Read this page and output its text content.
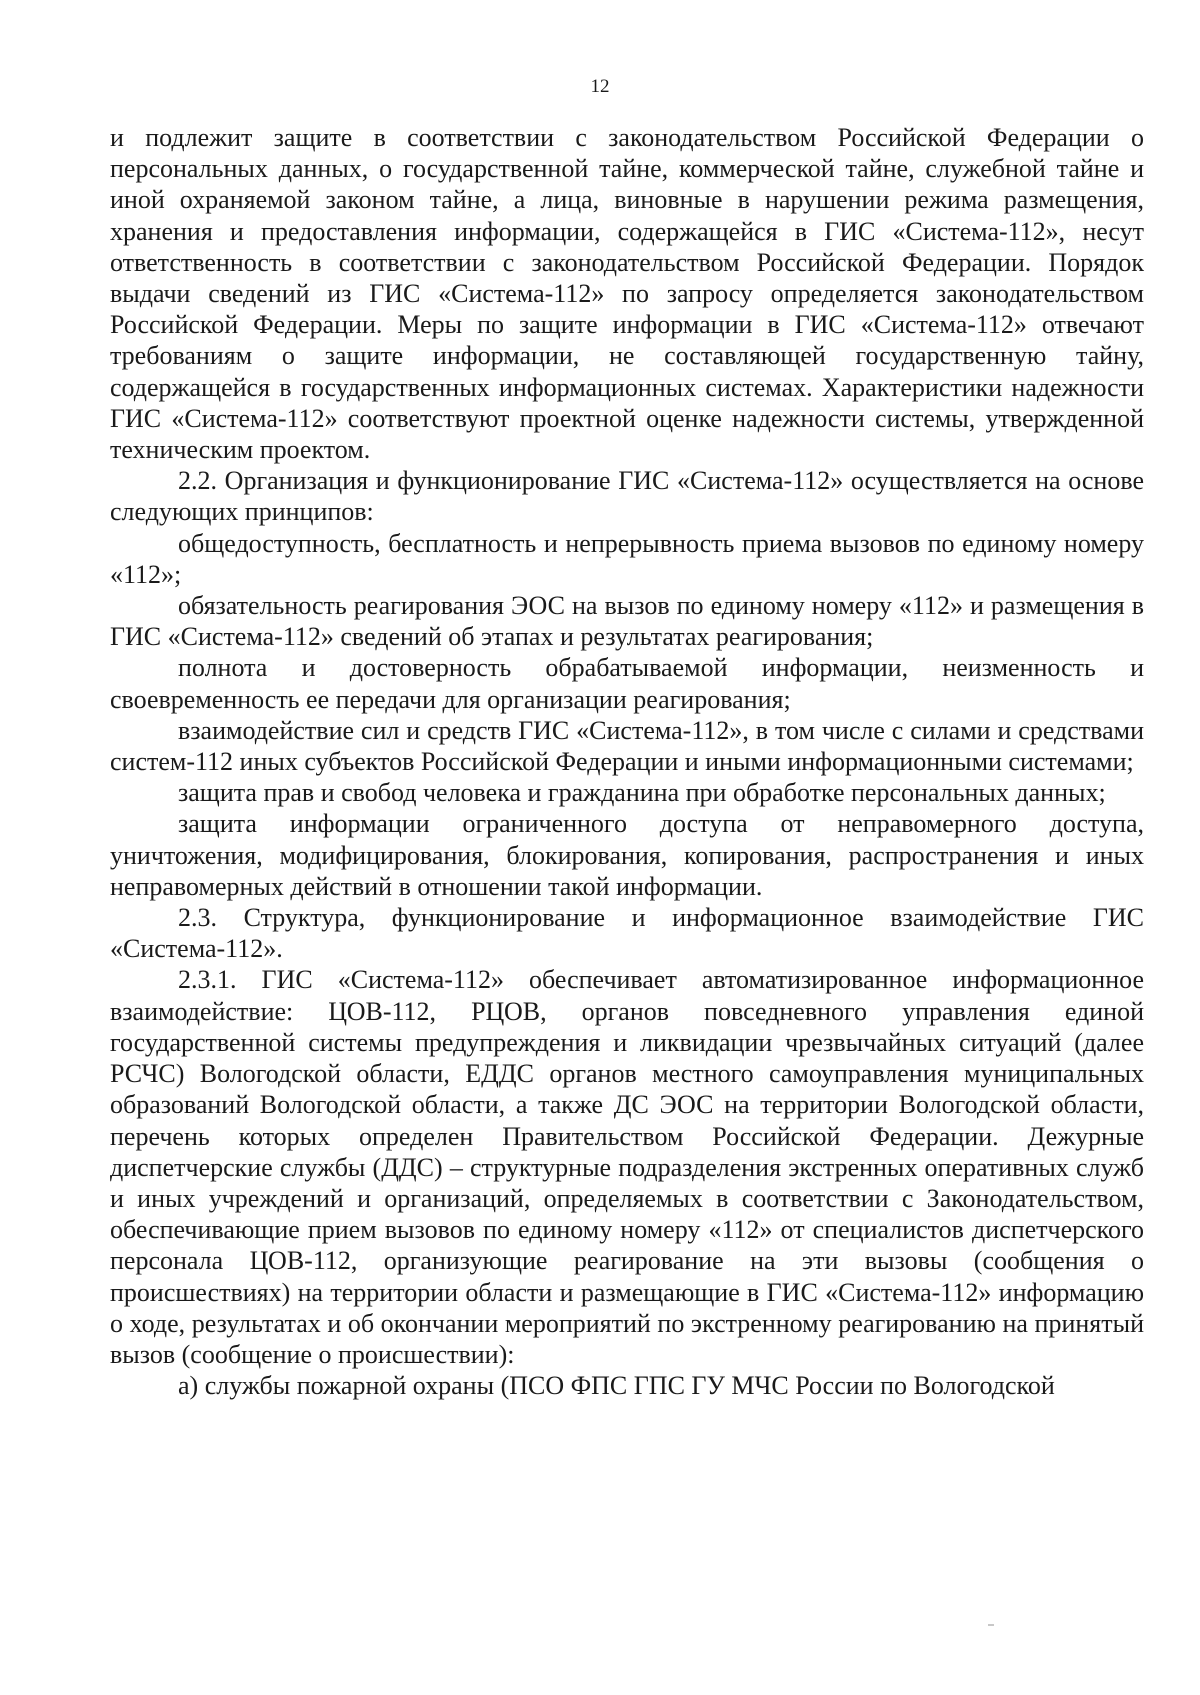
12

и подлежит защите в соответствии с законодательством Российской Федерации о персональных данных, о государственной тайне, коммерческой тайне, служебной тайне и иной охраняемой законом тайне, а лица, виновные в нарушении режима размещения, хранения и предоставления информации, содержащейся в ГИС «Система-112», несут ответственность в соответствии с законодательством Российской Федерации. Порядок выдачи сведений из ГИС «Система-112» по запросу определяется законодательством Российской Федерации. Меры по защите информации в ГИС «Система-112» отвечают требованиям о защите информации, не составляющей государственную тайну, содержащейся в государственных информационных системах. Характеристики надежности ГИС «Система-112» соответствуют проектной оценке надежности системы, утвержденной техническим проектом.

2.2. Организация и функционирование ГИС «Система-112» осуществляется на основе следующих принципов:

общедоступность, бесплатность и непрерывность приема вызовов по единому номеру «112»;

обязательность реагирования ЭОС на вызов по единому номеру «112» и размещения в ГИС «Система-112» сведений об этапах и результатах реагирования;

полнота и достоверность обрабатываемой информации, неизменность и своевременность ее передачи для организации реагирования;

взаимодействие сил и средств ГИС «Система-112», в том числе с силами и средствами систем-112 иных субъектов Российской Федерации и иными информационными системами;

защита прав и свобод человека и гражданина при обработке персональных данных;

защита информации ограниченного доступа от неправомерного доступа, уничтожения, модифицирования, блокирования, копирования, распространения и иных неправомерных действий в отношении такой информации.

2.3. Структура, функционирование и информационное взаимодействие ГИС «Система-112».

2.3.1. ГИС «Система-112» обеспечивает автоматизированное информационное взаимодействие: ЦОВ-112, РЦОВ, органов повседневного управления единой государственной системы предупреждения и ликвидации чрезвычайных ситуаций (далее РСЧС) Вологодской области, ЕДДС органов местного самоуправления муниципальных образований Вологодской области, а также ДС ЭОС на территории Вологодской области, перечень которых определен Правительством Российской Федерации. Дежурные диспетчерские службы (ДДС) – структурные подразделения экстренных оперативных служб и иных учреждений и организаций, определяемых в соответствии с Законодательством, обеспечивающие прием вызовов по единому номеру «112» от специалистов диспетчерского персонала ЦОВ-112, организующие реагирование на эти вызовы (сообщения о происшествиях) на территории области и размещающие в ГИС «Система-112» информацию о ходе, результатах и об окончании мероприятий по экстренному реагированию на принятый вызов (сообщение о происшествии):

а) службы пожарной охраны (ПСО ФПС ГПС ГУ МЧС России по Вологодской
